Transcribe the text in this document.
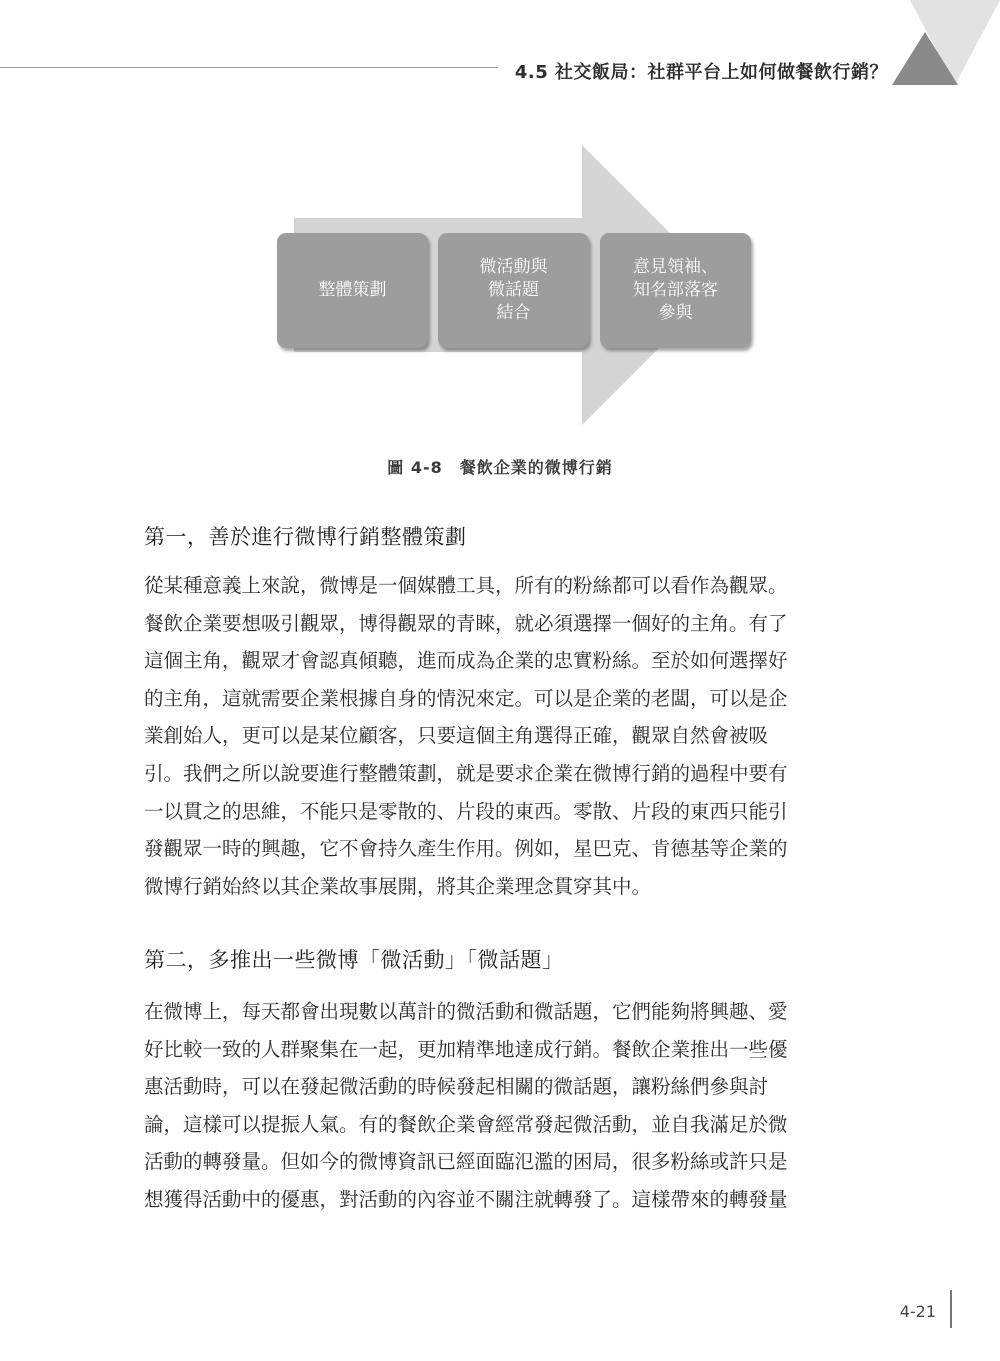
4.5 社交飯局：社群平台上如何做餐飲行銷？
整體策劃
微活動與
微話題
結合
意見領袖、
知名部落客
參與
圖 4-8　餐飲企業的微博行銷
第一，善於進行微博行銷整體策劃
從某種意義上來說，微博是一個媒體工具，所有的粉絲都可以看作為觀眾。
餐飲企業要想吸引觀眾，博得觀眾的青睞，就必須選擇一個好的主角。有了
這個主角，觀眾才會認真傾聽，進而成為企業的忠實粉絲。至於如何選擇好
的主角，這就需要企業根據自身的情況來定。可以是企業的老闆，可以是企
業創始人，更可以是某位顧客，只要這個主角選得正確，觀眾自然會被吸
引。我們之所以說要進行整體策劃，就是要求企業在微博行銷的過程中要有
一以貫之的思維，不能只是零散的、片段的東西。零散、片段的東西只能引
發觀眾一時的興趣，它不會持久產生作用。例如，星巴克、肯德基等企業的
微博行銷始終以其企業故事展開，將其企業理念貫穿其中。
第二，多推出一些微博「微活動」「微話題」
在微博上，每天都會出現數以萬計的微活動和微話題，它們能夠將興趣、愛
好比較一致的人群聚集在一起，更加精準地達成行銷。餐飲企業推出一些優
惠活動時，可以在發起微活動的時候發起相關的微話題，讓粉絲們參與討
論，這樣可以提振人氣。有的餐飲企業會經常發起微活動，並自我滿足於微
活動的轉發量。但如今的微博資訊已經面臨氾濫的困局，很多粉絲或許只是
想獲得活動中的優惠，對活動的內容並不關注就轉發了。這樣帶來的轉發量
4-21
